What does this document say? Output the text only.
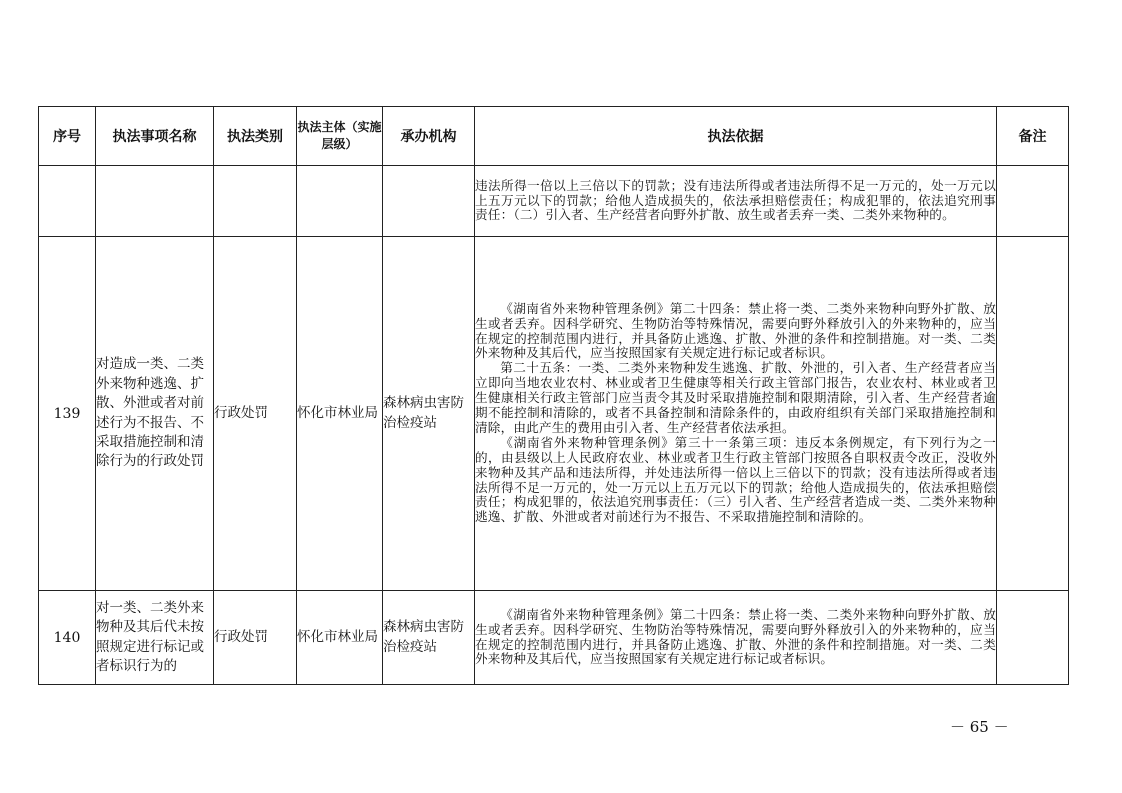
序号	执法事项名称	执法类别	执法主体（实施层级）	承办机构	执法依据	备注

					违法所得一倍以上三倍以下的罚款；没有违法所得或者违法所得不足一万元的，处一万元以上五万元以下的罚款；给他人造成损失的，依法承担赔偿责任；构成犯罪的，依法追究刑事责任：（二）引入者、生产经营者向野外扩散、放生或者丢弃一类、二类外来物种的。	

139	对造成一类、二类外来物种逃逸、扩散、外泄或者对前述行为不报告、不采取措施控制和清除行为的行政处罚	行政处罚	怀化市林业局	森林病虫害防治检疫站	《湖南省外来物种管理条例》第二十四条：禁止将一类、二类外来物种向野外扩散、放生或者丢弃。因科学研究、生物防治等特殊情况，需要向野外释放引入的外来物种的，应当在规定的控制范围内进行，并具备防止逃逸、扩散、外泄的条件和控制措施。对一类、二类外来物种及其后代，应当按照国家有关规定进行标记或者标识。

第二十五条：一类、二类外来物种发生逃逸、扩散、外泄的，引入者、生产经营者应当立即向当地农业农村、林业或者卫生健康等相关行政主管部门报告，农业农村、林业或者卫生健康相关行政主管部门应当责令其及时采取措施控制和限期清除，引入者、生产经营者逾期不能控制和清除的，或者不具备控制和清除条件的，由政府组织有关部门采取措施控制和清除，由此产生的费用由引入者、生产经营者依法承担。

《湖南省外来物种管理条例》第三十一条第三项：违反本条例规定，有下列行为之一的，由县级以上人民政府农业、林业或者卫生行政主管部门按照各自职权责令改正，没收外来物种及其产品和违法所得，并处违法所得一倍以上三倍以下的罚款；没有违法所得或者违法所得不足一万元的，处一万元以上五万元以下的罚款；给他人造成损失的，依法承担赔偿责任；构成犯罪的，依法追究刑事责任：（三）引入者、生产经营者造成一类、二类外来物种逃逸、扩散、外泄或者对前述行为不报告、不采取措施控制和清除的。	

140	对一类、二类外来物种及其后代未按照规定进行标记或者标识行为的	行政处罚	怀化市林业局	森林病虫害防治检疫站	《湖南省外来物种管理条例》第二十四条：禁止将一类、二类外来物种向野外扩散、放生或者丢弃。因科学研究、生物防治等特殊情况，需要向野外释放引入的外来物种的，应当在规定的控制范围内进行，并具备防止逃逸、扩散、外泄的条件和控制措施。对一类、二类外来物种及其后代，应当按照国家有关规定进行标记或者标识。	

－ 65 －
